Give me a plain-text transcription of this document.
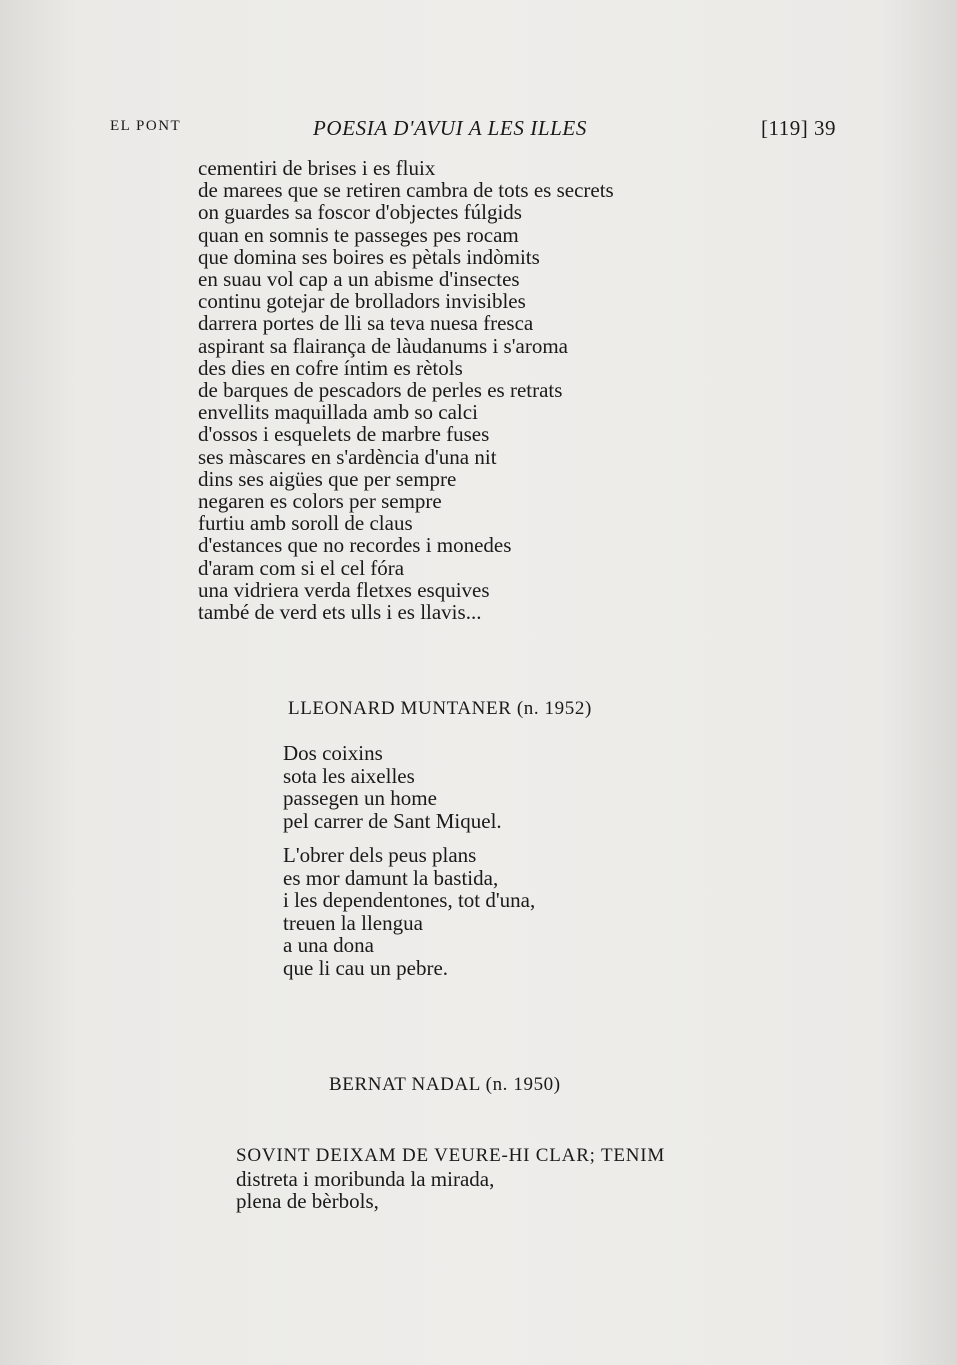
EL PONT	POESIA D'AVUI A LES ILLES	[119] 39
cementiri de brises i es fluix
de marees que se retiren cambra de tots es secrets
on guardes sa foscor d'objectes fúlgids
quan en somnis te passeges pes rocam
que domina ses boires es pètals indòmits
en suau vol cap a un abisme d'insectes
continu gotejar de brolladors invisibles
darrera portes de lli sa teva nuesa fresca
aspirant sa flairança de làudanums i s'aroma
des dies en cofre íntim es rètols
de barques de pescadors de perles es retrats
envellits maquillada amb so calci
d'ossos i esquelets de marbre fuses
ses màscares en s'ardència d'una nit
dins ses aigües que per sempre
negaren es colors per sempre
furtiu amb soroll de claus
d'estances que no recordes i monedes
d'aram com si el cel fóra
una vidriera verda fletxes esquives
també de verd ets ulls i es llavis...
LLEONARD MUNTANER (n. 1952)
Dos coixins
sota les aixelles
passegen un home
pel carrer de Sant Miquel.
L'obrer dels peus plans
es mor damunt la bastida,
i les dependentones, tot d'una,
treuen la llengua
a una dona
que li cau un pebre.
BERNAT NADAL (n. 1950)
SOVINT DEIXAM DE VEURE-HI CLAR; TENIM
distreta i moribunda la mirada,
plena de bèrbols,
